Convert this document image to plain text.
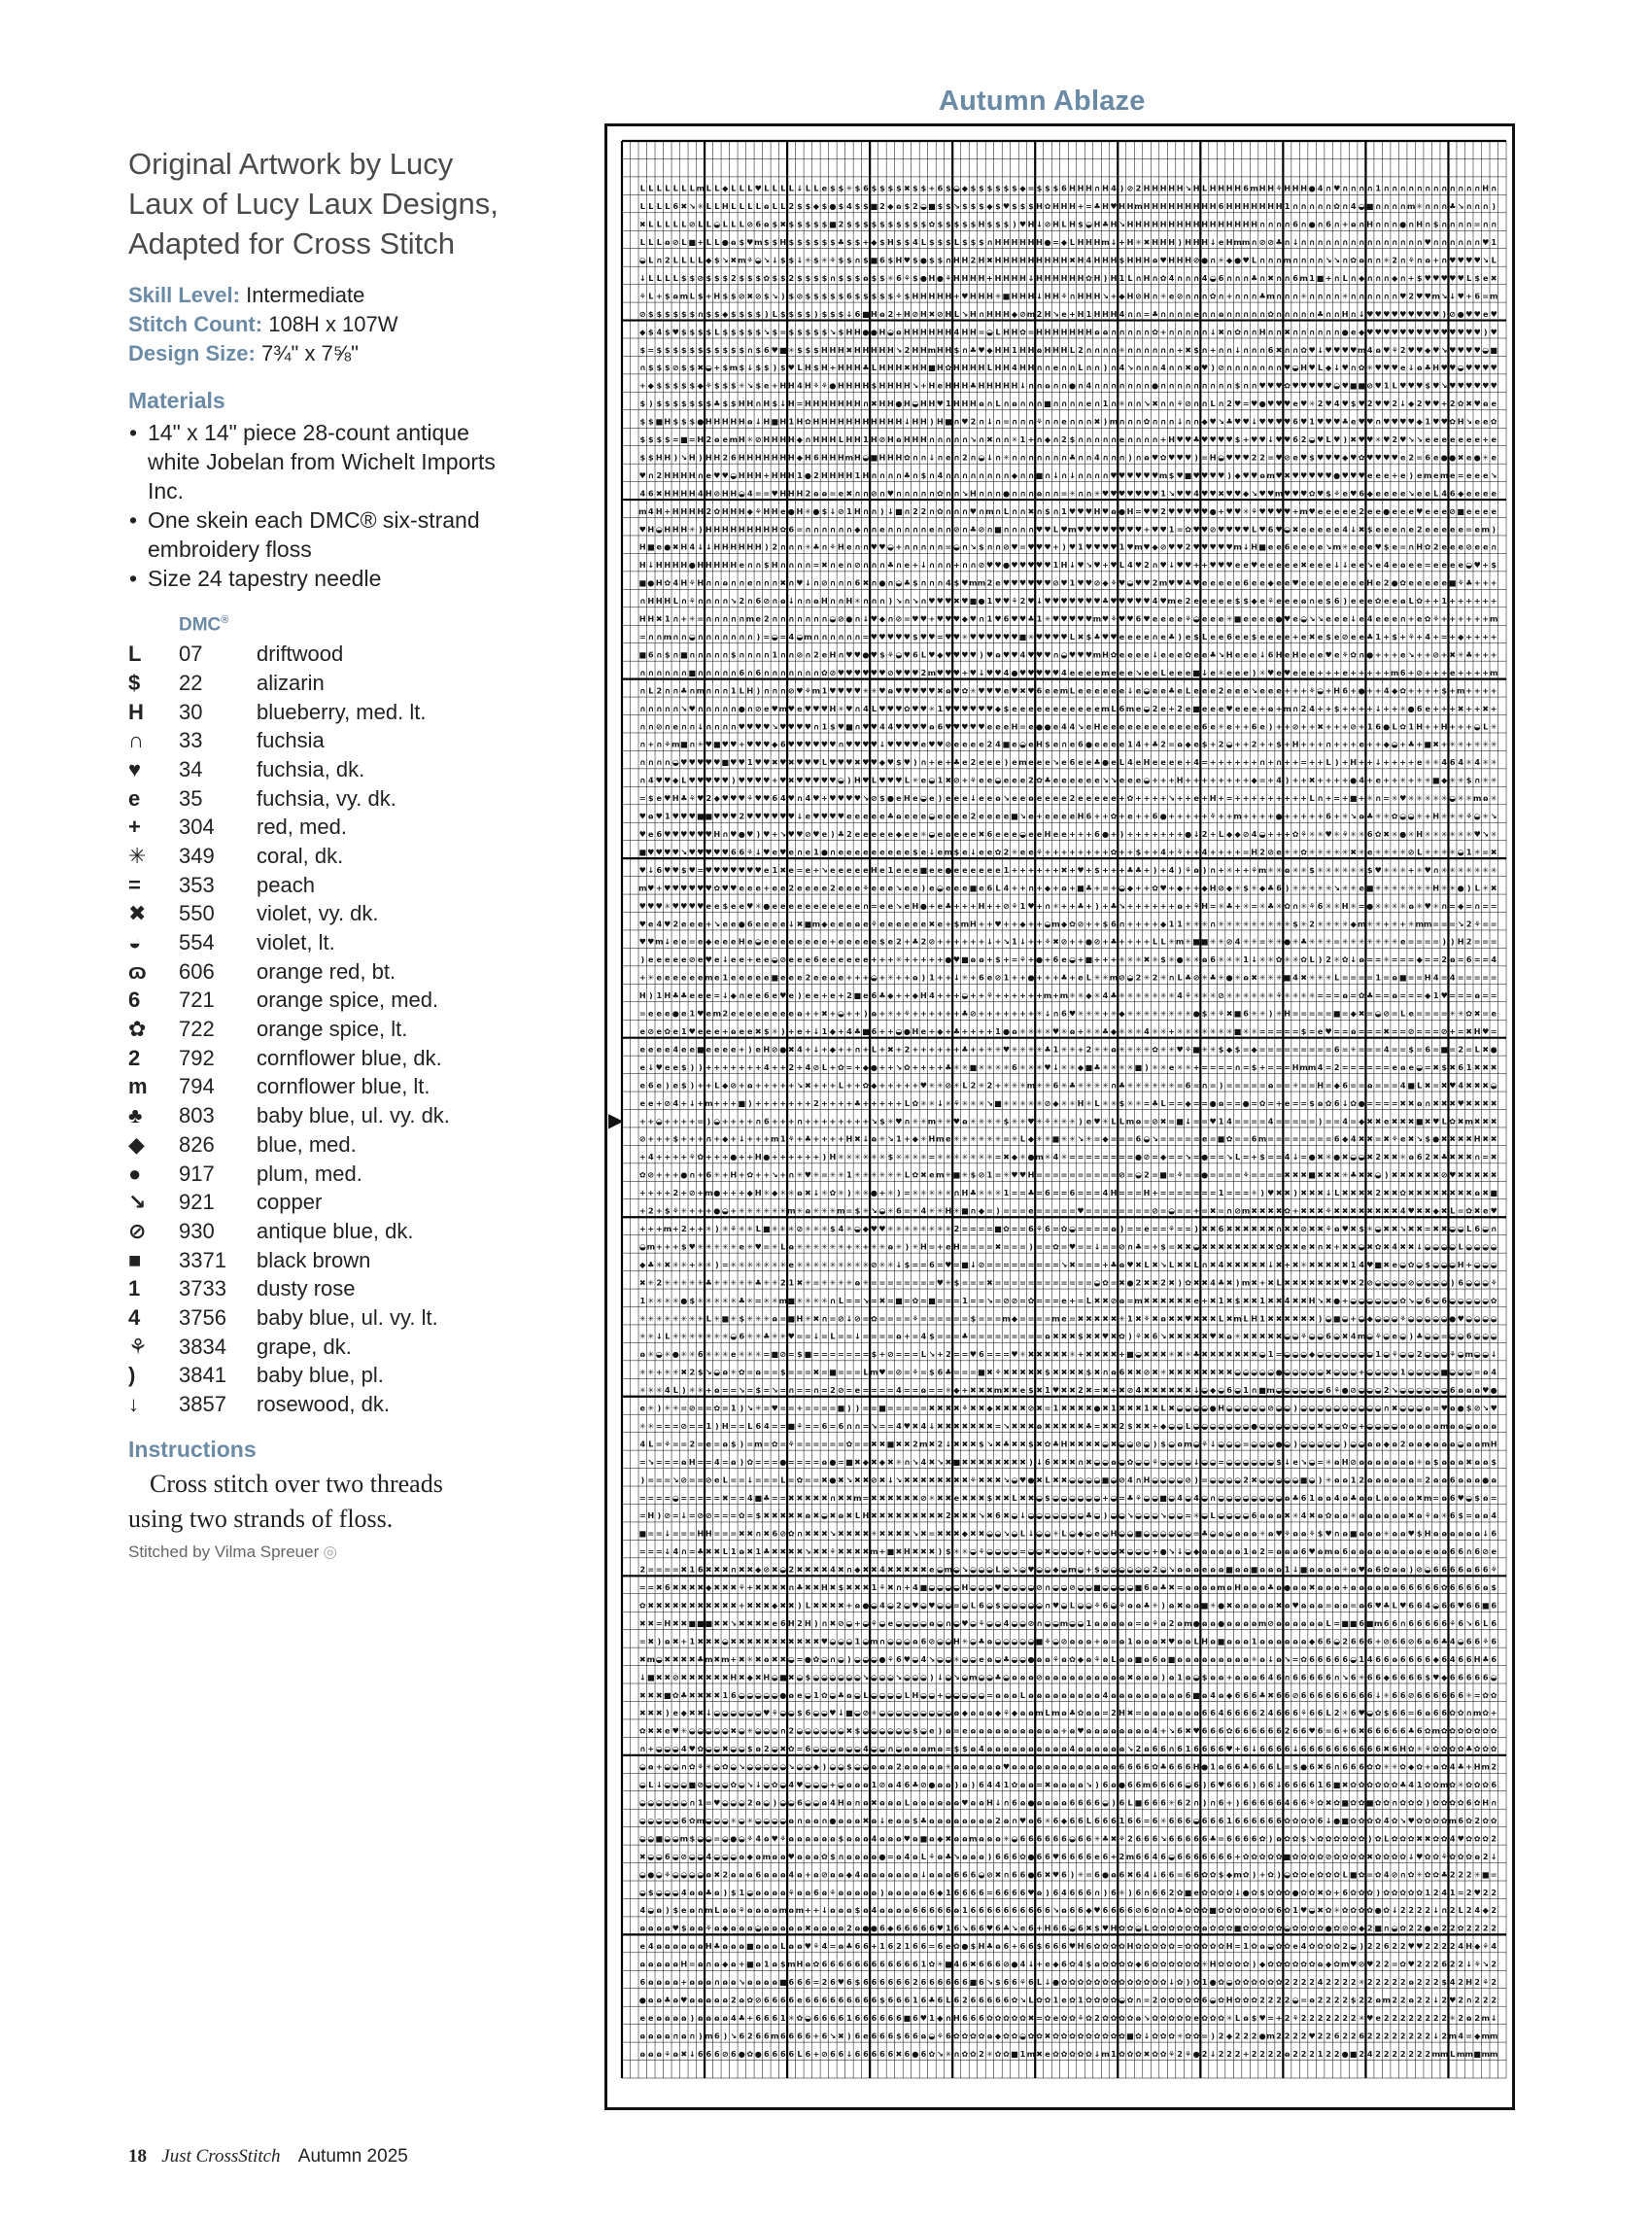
Autumn Ablaze
L L L L L L L m L L ◆ L L L ♥ L L L L ↓ L L e $ $ ✳ $ 6 $ $ $ $ ✖ $ $ + 6 $ ◒ ◆ $ $ $ $ $ $ ◆ = $ $ $ 6 H H H ∩ H 4 ) ⊘ 2 H H H H H ↘ H L H H H H 6 m H H ⚘ H H H ● 4 ∩ ♥ ∩ ∩ ∩ ∩ 1 ∩ ∩ ∩ ∩ ∩ ∩ ∩ ∩ ∩ ∩ ∩ ∩ H ∩
L L L L 6 ✖ ↘ ✳ L L H L L L L ɷ L L 2 $ $ ◆ $ ● $ 4 $ $ ■ 2 ◆ ɷ $ 2 ◒ ■ $ $ ↘ $ $ $ ◆ $ ♥ $ $ $ H ✿ H H H + = ♣ H ♥ H H m H H H H H H H H H 6 H H H H H H H 1 ∩ ∩ ∩ ∩ ∩ ✿ ∩ 4 ◒ ■ ∩ ∩ ∩ ∩ m ✳ ∩ ∩ ∩ ♣ ↘ ∩ ∩ ∩ )
✖ L L L L L ⊘ L L ◒ L L L ⊘ 6 ɷ $ ✖ $ $ $ $ $ ■ 2 $ $ $ $ $ $ $ $ $ $ ✿ $ $ $ $ $ H $ $ $ ) ♥ H ↓ ⊘ H L H $ ◒ H ♣ H ↘ H H H H H H H H H H H H H H H H ∩ ∩ ∩ ∩ 6 ∩ ● ∩ 6 ∩ + ɷ ∩ H ∩ ∩ ∩ ● ∩ H ∩ $ ∩ ∩ ∩ ∩ = ∩ ∩
L L L ɷ ⊘ L ■ + L L ● ɷ $ ♥ m $ $ H $ $ $ $ $ $ ♣ $ $ + ◆ $ H $ $ 4 L $ $ $ L $ $ $ ∩ H H H H H H ● = ◆ L H H H m ↓ + H ✳ ✖ H H H ) H H H ↓ e H m m ∩ ⊘ ⊘ ♣ ∩ ↓ ∩ ∩ ∩ ∩ ∩ ∩ ∩ ∩ ∩ ∩ ∩ ∩ ∩ ∩ ∩ ♥ ∩ ∩ ∩ ∩ ∩ ∩ ♥ 1
◒ L ∩ 2 L L L L ◆ $ ↘ ✖ m ⚘ ◒ ↘ ↓ $ $ ↓ ✳ $ ✳ ⚘ $ $ ∩ $ ■ 6 $ H ♥ $ ● $ $ ∩ H H 2 H ✖ H H H H H H H H H ✖ H 4 H H H $ H H H ɷ ♥ H H H ⊘ ● ∩ ✳ ◆ ● ♥ L ∩ ∩ ∩ m ∩ ∩ ∩ ∩ ↘ ↘ ∩ ✿ ɷ ∩ ∩ ✳ 2 ∩ ⚘ ∩ ɷ + ∩ ♥ ♥ ♥ ♥ ↘ L
↓ L L L L $ $ ⊘ $ $ $ 2 $ $ $ ✿ $ $ 2 $ $ $ $ ∩ $ $ $ ɷ $ $ ✳ 6 ⚘ $ ● H ● ⚘ H H H H + H H H H ↓ H H H H H H ✿ H ) H 1 L ∩ H ∩ ✿ 4 ∩ ∩ ∩ 4 ◒ 6 ∩ ∩ ∩ ♣ ∩ ✖ ∩ ∩ 6 m 1 ■ + ∩ L ∩ ◆ ∩ ∩ ∩ ◆ ∩ + $ ♥ ♥ ♥ ♥ ♥ L $ e ✖
⚘ L + $ ɷ m L $ + H $ $ ⊘ ✖ ⊘ $ ↘ ) $ ⊘ $ $ $ $ $ 6 $ $ $ $ $ ⚘ $ H H H H H + ♥ H H H ✳ ■ H H H ↓ H H ⚘ ∩ H H H ↘ + ◆ H ⊘ H ∩ ✳ e ⊘ ∩ ∩ ∩ ✿ ∩ + ∩ ∩ ∩ ♣ m ∩ ∩ ∩ ✳ ∩ ∩ ∩ ∩ ✳ ∩ ∩ ∩ ∩ ∩ ∩ ♥ 2 ♥ ♥ m ↘ ↓ ♥ + 6 = m
⊘ $ $ $ $ $ $ ∩ $ $ ◆ $ $ $ $ ) L $ $ $ $ ) $ $ $ ↓ 6 ■ H ɷ 2 + H ⊘ H ✖ ⊘ H L ↘ H ∩ H H H ◆ ⊘ m 2 H ↘ e + H 1 H H H 4 ∩ ∩ = ♣ ∩ ∩ ∩ ∩ e ∩ ∩ ɷ ∩ ∩ ∩ ∩ ∩ ✿ ∩ ∩ ∩ ∩ ∩ ♣ ∩ ∩ H ∩ ↓ ♥ ♥ ♥ ♥ ♥ ♥ ♥ ♥ ♥ ) ⊘ ● ♥ ♥ e ♥
◆ $ 4 $ ♥ $ $ $ $ L $ $ $ $ $ ↘ $ = $ $ $ $ $ ↘ $ H H ● ● H ◒ ɷ H H H H H H 4 H H = ◒ L H H ✿ = H H H H H H H ɷ ɷ ∩ ∩ ∩ ∩ ∩ ✿ + ∩ ∩ ∩ ∩ ∩ ↓ ✖ ∩ ✿ ∩ ∩ H ∩ ∩ ✖ ∩ ∩ ∩ ∩ ∩ ∩ ● e ◆ ♥ ♥ ♥ ♥ ♥ ♥ ♥ ♥ ♥ ♥ ♥ ♥ ♥ ♥ ) ♥
$ = $ $ $ $ $ $ $ $ $ $ $ ∩ $ 6 ♥ ■ ✳ $ $ $ H H H ✖ H H H H H ↘ 2 H H m H H $ ∩ ♣ ♥ ◆ H H 1 H H ɷ H H H L 2 ∩ ∩ ∩ ∩ ✳ ∩ ∩ ∩ ∩ ∩ ∩ + ✖ $ ∩ + ∩ ∩ ↓ ∩ ∩ ∩ 6 ✖ ∩ ∩ ✿ ♥ ↓ ♥ ♥ ♥ ♥ m 4 ɷ ♥ ⚘ 2 ♥ ♥ ◆ ♥ ↘ ♥ ♥ ♥ ♥ ◒ ■
∩ $ $ $ ⊘ $ $ ✖ ◒ + $ m $ ↓ $ $ ) $ ♥ L H $ H + H H H ♣ L H H H ✖ H H ■ H ✿ H H H H L H H 4 H H ∩ ∩ e ∩ ∩ L ∩ ∩ ) ∩ 4 ↘ ∩ ∩ ∩ 4 ∩ ∩ ✖ ɷ ♥ ) ⊘ ∩ ∩ ∩ ∩ ∩ ∩ ∩ ♥ ◒ H ♥ L ◆ ↓ ♥ ∩ ✿ ✳ ♥ ♥ ♥ e ↓ ɷ ♣ H ♥ ♥ ◒ ♥ ♥ ♥ ♥
+ ◆ $ $ $ $ $ ◆ ⚘ $ $ $ ✳ ↘ $ e + H H 4 H ⚘ ⚘ ● H H H H $ H H H H ↘ + H e H H H ♣ H H H H H ↓ ∩ ∩ ɷ ∩ ∩ ● ∩ 4 ∩ ∩ ∩ ∩ ∩ ∩ ∩ ● ∩ ∩ ∩ ∩ ∩ ∩ ∩ ∩ ∩ $ ∩ ∩ ♥ ♥ ♥ ✿ ♥ ♥ ♥ ♥ ♥ ◒ ♥ ■ ■ ⊘ ♥ 1 L ♥ ♥ ♥ $ ♥ ↘ ♥ ♥ ♥ ♥ ♥ ♥
$ ) $ $ $ $ $ $ $ ♣ $ $ H H ∩ H $ ↓ H = H H H H H H H ∩ ✖ H H ● H ◒ H H ♥ 1 H H H ɷ ∩ L ∩ ɷ ∩ ∩ ∩ ■ ∩ ∩ ∩ ∩ e ∩ 1 ∩ ✳ ∩ ∩ ↘ ✖ ∩ ∩ ⚘ ⊘ ∩ ∩ L ∩ 2 ♥ = ♥ ● ♥ ♥ ♥ e ♥ ✳ 2 ♥ 4 ♥ $ ♥ 2 ♥ ♥ 2 ↓ ◆ 2 ♥ ♥ + 2 ✿ ✖ ♥ ɷ e
$ $ ■ H $ $ $ ● H H H H H ɷ ↓ H ■ H 1 H ✿ H H H H H H H H H H H ↓ H H ) H ■ ∩ ♥ 2 ∩ ↓ ∩ = ∩ ∩ ∩ ⚘ ∩ ∩ e ∩ ∩ ∩ ✖ ) m ∩ ∩ ∩ ✿ ∩ ∩ ∩ ↓ ∩ ∩ ◆ ♥ ↘ ♣ ♥ ♥ ↓ ♥ ♥ ♥ ♥ 6 ♥ 1 ♥ ♥ ♥ ♣ e ♥ ♥ ∩ ♥ ♥ ♥ ♥ ◆ 1 ♥ ♥ ✿ H ↘ e e ✿
$ $ $ $ = ■ = H 2 ɷ e m H ✳ ⊘ H H H H ◆ ∩ H H H L H H 1 H ⊘ H ɷ H H H ∩ ∩ ∩ ∩ ∩ ↘ ∩ ✖ ∩ ∩ ✳ 1 + ∩ ◆ ∩ 2 $ ∩ ∩ ∩ ∩ ∩ e ∩ ∩ ∩ ∩ + H ♥ ♥ ♣ ♥ ♥ ♥ ♥ $ + ♥ ♥ ↓ ♥ ♥ 6 2 ◒ ♥ L ♥ ) ✖ ♥ ♥ ✳ ♥ 2 ♥ ↘ ↘ e e e e e e e + e
$ $ H H ) ↘ H ) H H 2 6 H H H H H H H ◆ H 6 H H H m H ◒ ■ H H H ✿ ∩ ∩ ↓ ∩ e ∩ 2 ∩ ◒ ↓ ∩ ✳ ∩ ∩ ∩ ∩ ∩ ∩ ∩ ♣ ∩ ∩ 4 ∩ ∩ ∩ ) ∩ ɷ ♥ ✿ ♥ ♥ ♥ ) = H ◒ ♥ ♥ ♥ 2 2 = ♥ ⊘ e ♥ $ ♥ ♥ ♥ ◆ ♥ ✿ ♥ ♥ ♥ ♥ e 2 = 6 e ● ● ✖ e ● ✳ e
♥ ∩ 2 H H H H ∩ e ♥ ♥ ◒ H H H + H H H 1 ● 2 H H H H 1 H ∩ ∩ ∩ ∩ ♣ ∩ $ ∩ 4 ∩ ∩ ∩ ∩ ∩ ∩ ∩ ∩ ◆ ∩ ∩ ■ ∩ ↓ ∩ ↓ ∩ ∩ ∩ ∩ ♥ ♥ ♥ ♥ ♥ ♥ m $ ♥ ■ ♥ ♥ ♥ ♥ ) ◆ ♥ ♥ ɷ m ♥ ✖ ♥ ♥ ♥ ♥ ♥ ● ♥ ♥ ♥ e e e + e ) e m e m e = e e e ↘
4 6 ✖ H H H H 4 H ⊘ H H ◒ 4 = = ♥ H H H 2 ɷ ɷ = e ✖ ∩ ∩ ⊘ ∩ ♥ ∩ ∩ ∩ ∩ ∩ ✿ ∩ ∩ ↘ H ∩ ∩ ∩ ● ∩ ∩ ∩ ɷ ∩ ∩ = ✳ ∩ ∩ ✳ ♥ ♥ ♥ ♥ ♥ ♥ ♥ 1 ↘ ♥ ♥ 4 ♥ ♥ ✖ ♥ ♥ ◆ ↘ ♥ ♥ m ♥ ♥ ♥ ✿ ♥ $ ⚘ e ♥ 6 ◆ e e e e ↘ e e L 4 6 ◆ e e e e
m 4 H + H H H H 2 ✿ H H H ◆ ⚘ H H e ● H ✳ ● $ ↓ ⊘ 1 H ∩ ∩ ) ↓ ■ ∩ 2 2 ∩ ✿ ∩ ∩ ∩ ♥ ∩ m ∩ L ∩ ∩ ✖ ∩ $ ∩ 1 ♥ ♥ ♥ H ♥ ɷ ● H = ♥ ♥ 2 ♥ ♥ ♥ ♥ ♥ ● + ♥ ♥ ✳ ⚘ ♥ ♥ ♥ ♥ + m ♥ e e e e e 2 e e ● e e e ♥ e e e ⊘ ■ e e e e
♥ H ◒ H H H ✳ ) H H H H H H H H H ✿ 6 = ∩ ∩ ∩ ∩ ∩ ∩ ◆ ∩ ∩ e ∩ ∩ ∩ ∩ ∩ e ∩ ∩ ⊘ ∩ ♣ ⊘ ∩ ■ ∩ ∩ ∩ ∩ ♥ ♥ L ♥ m ♥ ♥ ♥ ♥ ♥ ♥ ♥ ♥ + ♥ ♥ 1 = ✿ ♥ ♥ ⊘ ♥ ♥ ♥ ♥ L ♥ 6 ♥ ◒ ✖ e e e e e 4 ↓ ✖ $ e e e ∩ e 2 e e e e e = e m )
H ■ e ● ✖ H 4 ↓ ↓ H H H H H H ) 2 ∩ ∩ ∩ ✳ ♣ ∩ ⚘ H e ∩ ∩ ♥ ♥ ◒ + ∩ ∩ ∩ ∩ ∩ = ◒ ∩ ↘ $ ∩ ∩ ⊘ ♥ = ♥ ♥ ♥ + ) ♥ 1 ♥ ♥ ♥ ♥ 1 ♥ m ♥ ◆ ⊘ ♥ ♥ 2 ♥ ♥ ♥ ♥ ♥ m ↓ H ■ e e 6 e e e e ↘ m ✳ e e e ♥ $ e = ∩ H ✿ 2 e e e ⊘ e e ∩
H ↓ H H H H ● H H H H H e ∩ ∩ $ H ∩ ∩ ∩ ∩ = ✖ ∩ e ∩ ⊘ ∩ ∩ ∩ ♣ ∩ e + ↓ ∩ ∩ ∩ + ∩ ∩ ⊘ ♥ ♥ ● ♥ ♥ ♥ ♥ ♥ 1 H ↓ ♥ ↘ ♥ + ♥ L 4 ♥ 2 ∩ ♥ ↓ ♥ ♥ + + ♥ ♥ ♥ e e ♥ e e e e e ✖ e e e ↓ ↓ e e ↘ e 4 e ɷ e e = e e e e ◒ ♥ + $
■ ● H ✿ 4 H ⚘ H ∩ ∩ ɷ ∩ ∩ e ∩ ∩ ∩ ✖ ∩ ♥ ↓ ∩ ⊘ ∩ ∩ ∩ 6 ✖ ∩ ● ∩ ◒ ♣ $ ∩ ∩ ∩ 4 $ ♥ m m 2 e ♥ ♥ ♥ ♥ ♥ ♥ ⊘ ♥ 1 ♥ ♥ ⊘ ◆ ⚘ ♥ ◒ ♥ ♥ 2 m ♥ ♥ ♣ ♥ e e e e e 6 e e ◆ e e ♥ e e e e e e e e H e 2 ● ✿ e e e e e ■ ⚘ ♣ + + +
∩ H H H L ∩ ⚘ ∩ ∩ ∩ ∩ ↘ 2 ∩ 6 ⊘ ∩ ɷ ↓ ∩ ∩ ɷ H ∩ ∩ H ✳ ∩ ∩ ∩ ) ↘ ∩ ↘ ∩ ♥ ♥ ♥ ✖ ♥ ■ ● 1 ♥ ♥ ⚘ 2 ♥ ↓ ♥ ♥ ♥ ♥ ♥ ♥ ♥ ♣ ♥ ♥ ♥ ♥ ♥ 4 ♥ m e 2 e e e e e $ $ ◆ e ⚘ e e e ɷ ∩ e $ 6 ) e e e ✿ e e ɷ L ✿ + + 1 + + + + + +
H H ✖ 1 ∩ + ✳ = ∩ ∩ ∩ ∩ ∩ m e 2 ∩ ∩ ∩ ∩ ∩ ∩ ∩ ◒ ⊘ ● ∩ ↓ ♥ ◆ ∩ ⊘ = ♥ ♥ + ♥ ♥ ♥ ◆ ♥ ∩ 1 ♥ 6 ♥ ♥ ♣ 1 ✳ ♥ ♥ ♥ ♥ ♥ m ♥ ⚘ ♥ ♥ 6 ♥ e e e e ⚘ ◒ e e e ✳ ■ e e e e ● ♥ e ◒ ↘ ↘ e e e ↓ e 4 e e e ∩ + e ✿ ⚘ + + + + + + m
= ∩ ∩ m ∩ ∩ ◒ ∩ ∩ ∩ ∩ ∩ ∩ ∩ ) = ◒ = 4 ◒ m ∩ ∩ ∩ ∩ ∩ ∩ = ♥ ♥ ♥ ♥ ♥ $ ♥ ♥ = ♥ ♥ ✳ ♥ ♥ ♥ ♥ ♥ ♥ ■ ✳ ♥ ♥ ♥ ♥ L ✖ $ ♣ ♥ ♥ e e e e ∩ e ♣ ) e $ L e e 6 e e $ e e e e + e ✖ e $ e ⊘ e e ♣ 1 + $ + ⚘ + 4 + = + ◆ + + + +
■ 6 ∩ $ ∩ ■ ∩ ∩ ∩ ∩ ∩ $ ∩ ∩ ∩ ∩ 1 ∩ ∩ ⊘ ∩ 2 e H ∩ ♥ ♥ ● ♥ $ ⚘ ◒ ♥ 6 L ♥ ◆ ♥ ♥ ♥ ♥ ) ♥ ɷ ♥ ♥ 4 ♥ ♥ ♥ ∩ ◒ ♥ ♥ ♥ m H ✿ e e e e ↓ e e e ✿ e e ♣ ↘ H e e e ↓ 6 H e H e e e ♥ e ⚘ ✿ ∩ ● + + + e ↘ + + ⊘ + ✖ ✳ ♣ + + +
∩ ∩ ∩ ∩ ∩ ∩ ■ ∩ ∩ ∩ ∩ ∩ 6 ∩ 6 ∩ ∩ ∩ ∩ ∩ ∩ ∩ ✿ ⊘ ♥ ♥ ♥ ♥ ♥ ♥ ⊘ ♥ ♥ ♥ 2 m ♥ ♥ ♥ + ♥ ↓ ♥ ♥ 4 ● ♥ ♥ ♥ ♥ ♥ 4 e e e e m e e e ↘ e e L e e e ■ ↓ e ✳ e e e ) ✳ ♥ e ♥ e e e + + + e + + + + + m 6 + ⊘ + + + e + + + + m
∩ L 2 ∩ ∩ ♣ ∩ m ∩ ∩ ∩ 1 L H ) ∩ ∩ ∩ ⊘ ♥ ⚘ m 1 ♥ ♥ ♥ ♥ ✳ ✳ ♥ ɷ ♥ ♥ ♥ ♥ ♥ ✖ ɷ ♥ ✿ ✳ ♥ ♥ ♥ e ♥ ✖ ♥ 6 e e m L e e e e e e ↓ e ◒ e e ♣ e L e e e 2 e e e ↘ e e e + + + ⚘ ◒ + H 6 + ● + + 4 ◆ ✿ + + + + $ + m + + + +
∩ ∩ ∩ ∩ ∩ ↘ ♥ ∩ ∩ ∩ ∩ ∩ ● ∩ ⊘ e ♥ m ♥ e ♥ ♥ ♥ H ✳ ♥ ∩ 4 L ♥ ♥ ♥ ✿ ♥ ♥ ✳ 1 ♥ ♥ ♥ ♥ ♥ ♥ ◆ $ e e e e e e e e e e e m L 6 m e ◒ 2 e + 2 e ■ e e e ♥ e e e + ɷ + m ∩ 2 4 + + $ + + + + ↓ + + ✳ ● 6 e + + + ✖ + + ✖ +
∩ ∩ ⊘ ∩ e ∩ ∩ ↓ ∩ ∩ ∩ ∩ ♥ ♥ ♥ ♥ ↘ ♥ ♥ ♥ ♥ ∩ 1 $ ♥ ■ ∩ ♥ ♥ 4 4 ♥ ♥ ♥ ♥ ɷ 6 ♥ ♥ ♥ ♥ ♥ e e e H = e ● ● e 4 4 ↘ e H e e e e e e e e e e e e 6 e ✳ e + + 6 e ) + + ⊘ + + ✖ + + + ⊘ + 1 6 ● L ✿ 1 H + + H + + + ◒ L ✳
∩ + ∩ ⚘ m ■ ∩ ✳ ♥ ■ ♥ ♥ + ♥ ♥ ♥ ◆ 6 ♥ ♥ ♥ ♥ ♥ ♥ ∩ ♥ ♥ ♥ ♥ ↓ ♥ ♥ ♥ ♥ e ♥ ♥ ⊘ e e e e 2 4 ■ e ◒ e H $ e ∩ e 6 ● e e e e 1 4 + ♣ 2 = ɷ ◆ e $ + 2 ◒ + + 2 + + $ + H + + + ∩ + + + e + + ◆ ◒ + ♣ + ■ ✖ + ✳ ✳ + ✳ ✳ ✳
∩ ∩ ∩ ∩ ◒ ♥ ♥ ♥ ♥ ♥ ■ ♥ ♥ 1 ♥ ♥ ✖ ♥ ✖ ♥ ♥ ♥ L ♥ ♥ ♥ ✖ ♥ ♥ ◆ ♥ $ ♥ ) ∩ + e + ♣ e 2 e e e ) e m e e e ↘ e 6 e e ♣ ● e L 4 e H e e e e + 4 = + + + + + + ∩ + ∩ + + = + + L ) + H + + ↓ + + + + e ✳ ✳ 4 6 4 ✳ 4 ✳ ✳
∩ 4 ♥ ♥ ◆ L ♥ ♥ ♥ ♥ ♥ ) ♥ ♥ ♥ ♥ + ♥ ✖ ♥ ♥ ♥ ♥ ♥ ◒ ) H ♥ L ♥ ♥ ♥ L ✳ e ◒ 1 ✖ ⊘ + ⚘ e e ◒ e e e 2 ✿ ♣ e e e e e e ↘ ↘ e e e ◒ + + + H + + + + + + + + ◆ = + 4 ) + + ✖ + + + + ● 4 + e + + ✳ + ✳ ✳ ■ ◆ ✳ ✳ $ ∩ ✳ ✳
= $ e ♥ H ♣ ⚘ ♥ 2 ◆ ♥ ♥ ♥ ⚘ ♥ ♥ 6 4 ♥ ∩ 4 ♥ + ♥ ♥ ♥ ♥ ↘ ⊘ $ ● e H e ◒ e ) e e e ↓ e e ɷ ↘ e e ɷ e e e e 2 e e e e e + ✿ + + + + ↘ + + e + H + = + + + + + + + + + L ∩ + = + ■ + ✳ ∩ = ✳ ♥ ✳ ✳ ✳ ✳ ✳ ◒ ✳ ✳ m ɷ ✳
♥ ɷ ♥ 1 ♥ ♥ ♥ ■ ■ ♥ ♥ ♥ 2 ♥ ♥ ♥ ♥ ♥ ♥ ↓ e ♥ ♥ ♥ ♥ e e e e e ♣ ɷ e e e ◒ e e e e 2 e e e e ■ ↘ e + e e e e H 6 + + ✿ + e + + 6 ● + + + + + ⚘ + + m + + + + ● + + + + + 6 + ✳ ↘ ɷ ♣ ✳ ✳ ✿ ◒ ◒ ✳ + H ✳ ✳ ✳ ⚘ ◒ ✳ ↘
♥ e 6 ♥ ♥ ♥ ♥ ♥ ♥ H ∩ ♥ ● ♥ ) ♥ + ↘ ♥ ♥ ⊘ ♥ e ) ♣ 2 e e e e e ◆ e e ✳ ◒ e ɷ e e e ✖ 6 e e e ◒ e e H e e + + + 6 ● + ) + + + + + + + ● ↓ 2 + L ◆ ◆ ⊘ 4 ◒ + + + ✿ ⚘ ✳ ✳ ♥ ✳ ⚘ ✳ ✳ 6 ✿ ✖ ✳ ● ✳ H ✳ ✳ ✳ ✳ ✳ ✳ ♥ ↘ ✳
■ ♥ ♥ ♥ ♥ ↘ ♥ ♥ ♥ ♥ ♥ 6 6 ⚘ ↓ ♥ e ♥ e ∩ e 1 ● ∩ e e e e e e e e e $ e ↓ e m $ e ↓ e e ✿ 2 ✳ e e ⚘ + + + + + + + + ✿ + + $ + + 4 + ⚘ + + 4 + + + + = H 2 ⊘ e ✳ ✳ ✿ ✳ ✳ ✳ ✳ ✳ ✖ ✳ e ✳ ✳ ✳ ✳ ⊘ L ✳ ✳ ✳ ✳ ◒ 1 ✳ = ✖
♥ ↓ 6 ♥ ♥ $ ♥ = ♥ ♥ ♥ ♥ ♥ ♥ ♥ e 1 ✖ e = e + ↘ e e e e e H e 1 e e e ■ e e ● e e e e e e 1 + + + + + + ✖ + ♥ + $ + + + ♣ ♣ + ) + 4 ) ⚘ ɷ ) ∩ + ✳ + + ⚘ m ✳ ✳ ɷ ✳ ✳ $ ✳ ✳ ✳ ✳ ✳ ✳ $ ♥ ✳ ✳ ✳ + ✳ ♥ ∩ ✳ ✳ ✳ ✳ ✳ ✳ ✳
m ♥ + ♥ ♥ ♥ ♥ ♥ ♥ ✿ ♥ ♥ e e e + e e 2 e e e e 2 e e e ⚘ e e e ↘ e e ) e ◒ e e e ■ e 6 L 4 + + ∩ + ◆ + ɷ + ■ ♣ + = + ◒ ◆ + + ✿ ♥ + ◆ + + ◆ H ⊘ ◆ ✳ $ ✳ ◆ ♣ 6 ) ✳ ✳ ✳ ✳ ✳ ↘ ✳ ✳ e ■ ✳ ✳ ✳ ✳ ✳ ✳ ✳ H ✳ ✳ ● ) L ✳ ✖
♥ ♥ ♥ ✳ ♥ ♥ ♥ ♥ e e $ e e ♥ ✳ ● e e e e e e e e e e e ∩ = e e ↘ e H ● + e ♣ + + + H + + ⊘ ⚘ 1 ♥ + ∩ ✳ + + ♣ + ) + ♣ ↘ + + + + + + ɷ + ⚘ H = ✳ ♣ + ✳ = ✳ ♣ ✳ ✿ ∩ ✳ ⚘ 6 ✳ ✳ H ✳ = ● ✳ ✳ ✳ ✳ ɷ ✳ ♥ ✳ ∩ = ◆ = ∩ = =
♥ e 4 ♥ 2 e e e + ↘ e e ● 6 e e e e ↓ ✖ ■ m ◆ e e e ɷ e ⚘ e e e e e e ✖ e + $ m H + + ♥ + + ◆ + + ◒ m ◆ ✿ ⊘ + + $ 6 ∩ + + + + ◆ 1 1 ✳ ✳ ✳ ∩ ✳ ✳ ✳ ✳ ✳ ✳ ✳ ✳ ✳ $ ✳ 2 ✳ ✳ ✳ ✳ ◆ m ✳ ✳ + ✳ + ✳ m m = = = ↘ 2 ⚘ = =
♥ ♥ m ↓ e e = e ◆ e e e H e ◒ e e e e e e e e + e e e e e $ e 2 + ♣ 2 ⊘ + + + + + + ↓ + ↘ 1 ↓ + + ⚘ ✖ ⊘ + + ● ⊘ + ♣ + + + + L L ✳ m ✳ ■ ■ ✳ ✳ ⊘ 4 ✳ ✳ = ✳ ✳ ● ✳ ♣ ✳ ✳ ✳ = ✳ ✳ ✳ ✳ ✳ ✳ ✳ e = = = = ) ) H 2 = = =
) e e e e e ⊘ e ♥ e ↓ e e + e e ◒ ⊘ e e e 6 e e e e e e + + + ✳ + + + + + ● ♥ ■ ɷ ɷ + $ + = ⚘ + ● + 6 e ◒ + ■ + + + ✳ ✳ ✳ ✖ ✳ $ ✳ ● ✳ ✳ ɷ 6 ✳ ✳ ✳ 1 ↓ ✳ ✳ ✿ ✳ ✳ ✿ L ) 2 ✳ ✿ ↓ ɷ = = ✳ = = = ◆ = = 2 ɷ = 6 = = 4
+ ✳ e e e e e e m e 1 e e e e e ■ e e e 2 e e ɷ e + + + ◒ + ✳ + + ɷ ) 1 + + ↓ ✳ + 6 e ⊘ 1 + + ● + + + ♣ + e L ✳ ✳ m ⊘ ◒ 2 ✳ 2 ✳ ∩ L ♣ ⊘ ✳ ♣ ✳ ● ✳ ɷ ✖ ✳ ✳ ✳ ■ 4 ✖ ✳ ✳ ✳ L = = = = 1 = ɷ ■ = = H 4 = 4 = = = = =
H ) 1 H ♣ ♣ e e e = ↓ ◆ ∩ e e 6 e ♥ e ) e e + e + 2 ■ e 6 ♣ ◆ + + ◆ H 4 + + + ◒ + + ⚘ + + + + + + m + m ✳ ✳ ◆ ✳ 4 ♣ ✳ ✳ ✳ ✳ ✳ ✳ ✳ 4 ⚘ ✳ ✳ ✳ ⊘ ✳ ✳ ✳ ✳ ✳ ✳ ⚘ ✳ ✳ ✳ ✳ = = = ɷ = ✿ ♣ = = ɷ = = = ◆ 1 ♥ = = = ɷ = =
= e e e ● e 1 ♥ e m 2 e e e e e e e e ɷ + + ✖ + ◒ + + ) ɷ + ✳ + ⚘ + + + + + + ♣ ⊘ + + + + + + + ✳ ↓ ∩ 6 ♥ ✳ ✳ ✳ + ✳ ◆ ✳ ✳ ✳ ✳ ✳ ✳ ✳ ✳ ● $ ✳ ⚘ ✖ ■ 6 ✳ ✳ ) ✳ H = = = = = ■ = ◆ ✖ = ◒ ⊘ = L e = = = = ✳ ✳ ✿ ✖ = e
e ⊘ e ✿ e 1 ♥ e e e + ɷ e e ✖ $ ✳ ) + e + ↓ 1 ◆ + 4 ♣ ■ 6 + + ◒ ● H e + ◆ + ♣ + + + + 1 ● ɷ ✳ ✳ ✳ ✳ ♥ ✳ ɷ + ✳ ✳ ♣ ◆ ✳ ✳ ✳ 4 ✳ ✳ + ✳ ✳ ✳ ✳ ✳ ✳ ✳ ■ ✳ ✳ = = = = = $ = e ♥ = = ɷ = = = ✖ = = ⊘ = = = ⊘ + = ✖ H ♥ =
e e e e 4 e e ■ e e e e + ) e H ⊘ ● ✖ 4 + ↓ + ◆ + + ∩ + L + ✖ + 2 + + + + + + ♣ + + ✳ ✳ ♥ ✳ ✳ ✳ ✳ ♣ 1 ✳ ✳ + 2 ✳ ✳ ɷ ✳ ✳ ✳ ✳ ✿ ✳ ✳ ♥ ⚘ ■ ✳ ✳ $ ◆ $ = ◆ = = = = = = = = = 6 = ✳ = = = 4 = = $ = 6 = ■ = 2 = L ✖ ●
e ↓ ♥ e e $ ) ) + + + + + + + 4 + + 2 + 4 ⊘ L + ✿ = + ◆ ● + + ↘ ✿ + + + + ♣ ✳ ✳ ■ ✳ ✳ ✳ ✳ 6 ✳ ✳ ✳ ♥ ↓ ✳ ✳ ◆ ■ ♣ ✳ ✳ ✳ ✳ ■ ) ✳ ✳ e ✳ ✳ + = = = = ∩ = $ + = = = H m m 4 = 2 = = = = = = e ɷ e ◒ = ✖ $ ✖ 6 1 ✖ ✖ ✖
e 6 e ) e $ ) + + L ◆ ⊘ + ɷ + + + + + ↘ ✖ + + + L + + ✿ ◆ + + + + + ♥ ✳ ✳ ⊘ ✳ L 2 ✳ 2 + ✳ ✳ ✳ m ✳ ✳ 6 ✳ ♣ ✳ ✳ ✳ ✳ ∩ ♣ ✳ ✳ ✳ ✳ ✳ ✳ = 6 = ∩ = ) = = = = = ɷ = = ✳ = = H = ◆ 6 = = ɷ = = = 4 ■ L ✖ = ✖ ♥ 4 ✖ ✖ ✖ ◒
e e + ⊘ 4 + ↓ + m + + + ■ ) + + + + + + + 2 + + + + ♣ + + + + + L ✿ ✳ ✳ ↓ ✳ ⚘ ✳ ✳ ✳ ↘ ■ ✳ ✳ ✳ ✳ ✳ ⊘ ◆ ✳ ✳ H ✳ L ✳ ✳ $ ✳ ✳ = ♣ L = = ◆ = = ● ɷ = = ● = ✿ = + e = = $ ɷ ✿ 6 ↓ ✿ ● = = = = ✖ ✖ ɷ ∩ ✖ ✖ ✖ ♥ ✖ ✖ ✖ ✖
+ + ◒ + + + + = ) ◒ + + + + ∩ 6 + + + ∩ + + + + + + + + ↘ $ ✳ ♥ ∩ ✳ ✳ m ✳ ✳ ♥ ɷ ✳ ✳ ✳ ✳ $ ✳ ✳ ♥ ✳ ⚘ ✳ ✳ ✳ ) e ♥ ✳ L L m ɷ = ⊘ ✖ = ■ ↓ = = ♥ 1 4 = = = = 4 = = = = = ) = = 4 = ◆ ✖ ✖ e ✖ ✖ ✖ ■ ✖ ♥ L ✿ ✖ m ✖ ✖ ✖
⊘ + + + $ + + + ∩ + ◆ + ↓ + + + m 1 ⚘ + ♣ + + + + H ✖ ↓ ɷ ✳ ↘ 1 + ◆ ✳ H m e ✳ ✳ ✳ ✳ ✳ ✳ = ✳ L ◆ ✳ ✳ ■ ✳ ✳ ↘ ✳ = ◆ = = = 6 ◒ ↘ = = = = = e = ■ ✿ = = 6 m = = = = = = = = 6 ◆ 4 ✖ ✖ = ✖ ⚘ e ✖ ↘ $ ● ✖ ✖ ✖ ✖ H ✖ ✖
+ 4 + + + + ⚘ ✿ + + + ● + + H ● + + + + + + ) H ✳ ✳ ✳ ✳ ✳ ✳ $ ✳ ✳ ✳ ✳ = ✳ ✳ ✳ ✳ ✳ ✳ ✳ = ✖ ◆ ✳ ● m ✳ 4 ✳ = = = = = = = = ● ⊘ = ◆ = = ↘ = ● = = ↘ L = + $ = = 4 ↓ = ● ✖ ✳ ● ✖ ◒ ◒ ✖ 2 ✖ ✖ ✳ ɷ 6 2 ✖ ♣ ✖ ✖ ✖ ∩ = ✖
✿ ⊘ + + + ● ∩ + 6 ✳ + H + ✿ + + ↘ + ∩ ✳ ♥ ✳ = ✳ ✳ 1 ✳ ✳ ✳ ✳ ✳ ✳ L ✿ ✖ e m ✳ ■ ✳ $ ⊘ 1 = ✳ ♥ ♥ H = = = = = = = = = = ⊘ = ◒ 2 = ■ = ⚘ = = ● = = = = ⚘ = = = = ✖ ✖ ✖ ■ ✖ ✖ ✖ ✳ ♣ ✖ ✖ ◒ ) ✖ ✖ ✖ ✖ ✖ ✖ ⊘ ♥ ✖ ✖ ✖ ✖ ✖
+ + + + 2 + ⊘ + m ● + + + ◆ H ✳ ◆ ✳ ✳ ɷ ✖ ↓ ✳ ✿ ✳ ) ✳ ✳ ● + ✳ ) = ✳ ✳ ✳ ✳ ✳ ∩ H ♣ ✳ ✳ ✳ 1 = = ♣ = 6 = = 6 = = = 4 H = = = H + = = = = = = = 1 = = = ✳ ) ♥ ✖ ✖ ) ✖ ✖ ✖ ↓ L ✖ ✖ ✖ ✖ 2 ✖ ✖ ✿ ✖ ✖ ✖ ✖ ✖ ✖ ✖ ✖ ɷ ✖ ■
+ 2 + $ ⚘ ✳ + + + ● ◒ + ✳ ✳ ✳ ✳ ✳ ✳ m ✳ ɷ ✳ ✳ ✳ m = $ ✳ ↘ ◒ ✳ 6 = ✳ 4 ✳ ✳ H ✳ ■ ∩ ◆ = ) = = = e = = = = = ♥ = = = = = = = = ⊘ = ◒ = = + = ✖ = ∩ ⊘ m ✖ ✖ ✖ ✖ ✿ + ✖ ✖ ✖ ⚘ ✖ ✖ ✖ ✖ ✖ ✖ ✖ ✖ 4 ♥ ✖ ✖ ◆ ✖ L = ✿ ✖ e ♥
+ + + m + 2 + + ✳ ) ✳ ⚘ ✳ ✳ L ■ ✳ ✳ ✳ ⊘ ✳ ✳ ✳ $ 4 ✳ ◒ ◆ ♥ ♥ ✳ ✳ ✳ ✳ ✳ ✳ ✳ ✳ 2 = = = = ■ ✿ = = 6 ⚘ 6 = ✿ ◒ = = = = ɷ ) = = e = = ⚘ = = ) ✖ ✖ 6 ✖ ✖ ✖ ✖ ✖ ✖ ∩ ✖ ✖ ⊘ ✖ ✖ ⚘ ɷ ♥ ✖ $ ✳ ◒ ✖ ✖ ↘ ✖ ✖ = ✖ ✖ ◒ ◒ L 6 ◒ ∩
◒ m + + + $ ♥ ✳ ✳ ✳ ✳ ✳ e ✳ ♥ = ✳ L ɷ ✳ ✳ ✳ ✳ ✳ ✳ + ✳ + ✳ ✳ ɷ ✳ ) ✳ H = + e H = = = = ✖ = = = ) = = ✿ = ♥ = = ↓ = = ⊘ ∩ ♣ = + $ = ✖ ✖ ◒ ✖ ✖ ✖ ✖ ✖ ✖ ✖ ✖ ✖ ✿ ✖ ✖ e ✖ ∩ ✖ + ✖ ✖ ◒ ✖ ✿ ✖ 4 ✖ ✖ ↓ ◒ ◒ ◒ ◒ L ◒ ◒ ◒ ◒
◆ ♣ ✳ ✖ ✳ ✳ + ✳ ✳ ) = ✳ ✳ ✳ ✳ ✳ ✳ ✳ e ✳ ✳ ✳ ✳ ✳ ✳ ✳ ✳ ✳ ⊘ ✳ ✳ ↓ $ = = 6 = ♥ = ■ ↓ ⊘ = = = = = = = = = ↘ ✖ = = = + ♣ ɷ ♥ ✖ L ✖ ↘ L ✖ ✖ L ∩ ✖ 4 ✖ ✖ ✖ ✖ ✖ ↓ ✖ + ✖ ✳ ✖ ✖ ✖ ✖ ✖ 1 4 ♥ ■ ✖ e ◒ ✿ ◒ $ ◒ ◒ ◒ H + ◒ ◒ ◒
✖ ✳ 2 ✳ ✳ ✳ ✳ ✳ ♣ ✳ ✳ ✳ ✳ ✳ ♣ ✳ ✳ 2 1 ✖ ✳ = ✳ ✳ ✳ ✳ ɷ ✳ = = = = = = = = ♥ ✳ $ = = = ✖ = = = = = = = = = = = = ◒ ✿ = ✖ ● 2 ✖ ✖ 2 ✖ ) ✿ ✖ ✖ 4 ♣ ✖ ) m ✖ + ✖ L ✖ ✖ ✖ ✖ ✖ ✖ ✖ ♥ ✖ 2 ⊘ ◒ ◒ ◒ ◒ ⊘ ◒ ◒ ◒ ◒ ) 6 ◒ ◒ ◒ ⚘
1 ✳ ✳ ✳ ✳ ● $ ✳ ✳ ✳ ✳ ✳ ♣ ✳ = ✳ ✳ m ■ ✳ ✳ ✳ ✳ ∩ L = = ↘ = ✖ = ■ = ✿ = ■ = = = 1 = = ↘ = ⊘ ⊘ = ✿ = = = e + = L ✖ ✖ ⊘ ɷ = m ✖ ✖ ✖ ✖ ✖ ✖ e + ✖ 1 ✖ $ ✖ ✖ 1 ✖ ✖ 4 ✖ ✖ H ↘ ✖ ● + ◒ ◒ ◒ ◒ ◒ ◒ ✿ ↘ ◒ 6 ◒ 6 ◒ ◒ ◒ ◒ ◒ ✿
✳ ✳ ✳ ✳ ✳ ✳ ✳ ✳ L ✳ ■ ✳ $ ✳ ✳ ✳ ɷ = ■ H ✳ ✖ ∩ = ⊘ ↓ ⊘ = ✿ = = = = ⚘ = = = = = = $ = = = m ◆ = = = = m e = ✖ ✖ ✖ ✖ ✖ ✳ 1 ✖ ⚘ ✖ ɷ ✖ ✖ ♥ ✖ ✖ ✖ L ✖ m L H 1 ✖ ✖ ✖ ✖ ✖ ✖ ) ◒ ■ ◒ + ◒ ◆ ◒ ◒ ◒ ⚘ ◒ ◒ ◒ ◒ ◒ ● ♥ ◒ ◒ ◒ ◒
✳ ✳ ↓ L ✳ ✳ ✳ ✳ ✳ ✳ ✳ ◒ 6 ✳ ✳ ♣ ✳ ✳ ♥ = = ↓ = L = = ↓ = = = = ɷ + = 4 $ = = = ♣ = = = = = = = = = ɷ ✖ ✖ ✖ $ ✖ ✖ ♥ ✖ ✿ ) ⚘ ✖ 6 ↘ ✖ ✖ ✖ ✖ ✖ ♥ ✖ ɷ ✳ ✖ ✖ ✖ ✖ ✖ ◒ ◒ ⚘ ◒ ◒ 6 ◒ ✖ 4 m ◒ ⚘ ◒ e ◒ ) ♣ ◒ ◒ = ◒ ◒ 6 ◒ ◒ ◒
ɷ ✳ ◒ ✳ ● ✳ ✳ 6 ✳ ✳ ✳ e ✳ ✳ ✳ = ■ ⊘ = $ ■ = = = = = = = $ + ⊘ = = = L ↘ + 2 = = ♥ 6 = = = ♥ ✳ ✖ ✖ ✖ ✖ ✖ ✳ + ✖ ✖ ✖ ✖ + ■ ◒ ✖ ✖ ✖ ✳ ✖ ✳ ♣ ✖ ✖ ✖ ✖ ✖ ✖ ✖ ◒ 1 = ◒ ◒ ◒ ◆ ◒ ◒ ◒ ◒ ◒ ◒ ◒ 1 ◒ ⚘ ◒ ◒ 2 ◒ ◒ ◒ ⚘ ◒ m ◒ ◒ ↓
✳ ✳ + ✳ ✳ ✖ 2 $ ↘ ◒ ɷ ✳ ✿ = ɷ = = $ = = = ✖ = ■ = = = L m ♥ = ⊘ = ⚘ = $ 6 ♣ = = = ■ ✖ ⚘ ✖ ✖ ✖ ✖ ✖ $ ✖ ✖ ✖ ✖ $ ✖ ∩ ɷ 6 ✖ ✖ ⊘ ✖ ✳ ✖ ✖ ✖ ✖ ✖ ✖ ✖ ✖ ◒ ◒ ◒ ◒ ◒ ● ◒ ◒ ◒ ◒ ◒ ✖ ◒ ◒ ◒ + ◒ ◒ ◒ ◒ 1 ◒ ◒ ◒ ◒ ■ ◒ ◒ ◒ = ɷ 4
✳ ✳ ✳ 4 L ) ✳ ✳ + ɷ = = ↘ = $ = ↘ = ∩ = = ∩ = 2 ⊘ = e = = = = 4 = = ɷ = = ✳ ◆ + ✖ ✖ ✖ m ✖ ✖ e $ ✖ 1 ♥ ✖ ✖ 2 ✖ = ✖ + ✖ ⊘ 4 ✖ ✖ ✖ ✖ ✖ ✖ ↓ ◒ ◆ ◒ 6 ◒ 1 ∩ ■ m ◒ ◒ ◒ ◒ ◒ ◒ 6 ⚘ ● ⊘ ◒ ◒ ◒ 2 ↘ ◒ ◒ ◒ ◒ ◒ ◒ 6 ɷ ɷ ɷ ♥ ●
e ✳ ) ✳ ✳ = ⊘ = = ✿ = 1 ) ↘ ✳ = ♥ = = + = = = = ■ ) ) = = ■ = = = = = ✖ ✖ ✖ ✖ ⚘ ✖ ✖ ◆ ✖ ✖ ✖ ✖ ⊘ ✖ = 1 ✖ ✖ ✖ ✖ ● ✖ 1 ✖ ✖ ✖ 1 ✖ L ✖ ◒ ◒ ◒ ◒ ● H ◒ ◒ ◒ ◒ ◒ ⊘ ◒ ◒ ) ◒ ◒ ◒ ◒ ◒ ◒ ◒ ◒ ◒ ◒ ∩ ✖ ◒ ◒ ◒ ɷ = ♥ ɷ ● $ ⊘ ↘ ♥
✳ ✳ = = = ⊘ = = 1 ) H = = L 6 4 = = ■ ⚘ = = 6 = 6 ∩ ∩ = ↘ = = 4 ♥ ✖ 4 ↓ ✖ ✖ ✖ ✖ ✖ ✖ ✖ = ↘ ✖ ✖ ✖ ɷ ✖ ✖ ✖ ✖ ✖ ♣ = ✖ ✖ 2 $ ✖ ✖ + ◆ ◒ ◒ L ◒ ◒ ◒ ◒ ◒ ◒ ◒ ● ◒ ◒ ◒ ◒ ◒ ◒ ◒ ✖ ◒ ◒ ✿ ◒ + ◒ ◒ ◒ ◒ ɷ ɷ ɷ ɷ ɷ m ɷ ɷ ◒ ɷ ɷ ɷ
4 L = ⚘ = = 2 = e = ɷ $ ) = m = ✿ = ⚘ = = = = = = ✿ = = ✖ ✖ ■ ✖ ✖ 2 m ✖ 2 ↓ ✖ ✖ ✖ $ ↘ ✖ ♣ ✖ ✖ $ ✖ ✿ ♣ H ✖ ✖ ✖ ✖ ◒ ✖ ◒ ◒ ⊘ ◒ ) $ ◒ ɷ m ◒ ⚘ ↓ ◒ ◒ ◒ = ◒ ◒ ◒ ● ◒ ) ◒ ◒ ◒ ◒ ◒ ) ◒ ◒ ɷ ɷ ◆ ɷ 2 ɷ ɷ ◆ ɷ ɷ ɷ ◒ ɷ ɷ m H
= ↘ = = = ɷ H = = 4 = ɷ ) ✿ = = = ● = = = = ɷ ● = ■ ✖ ◆ ✖ ◆ ✖ ✳ ∩ ↘ 4 ✖ ↘ ✖ ■ ✖ ✖ ✖ ✖ ✖ ✖ ✖ ✖ ) ↓ 6 ✖ ✖ ✖ ∩ ✖ ◒ ◒ ɷ ◒ ✿ ◒ ◒ ⚘ ◒ ◒ ◒ ◒ ↓ ◒ ◒ = ◒ ◒ ◒ ◒ ◒ ◒ $ ↓ e ↘ ◒ = ✳ ɷ H ⊘ ɷ ɷ ɷ ɷ ɷ ɷ ɷ ✳ ɷ $ ɷ ɷ ɷ ✖ ɷ ɷ $
) = = = ↘ ⊘ = = ⊘ e L = = ↓ = = = L = ✿ = = ✖ ● ✖ ↘ ✖ ✖ ⊘ ✖ ↓ ↘ ✖ ✖ ✖ ✖ ✖ ✖ ✖ ✖ ⚘ ✖ ✖ ✖ ↘ ◒ ♥ ● ✖ L ✖ ✖ ◒ ◒ ◒ ◒ ■ ◒ ⊘ 4 ∩ H ◒ ◒ ◒ ◒ ⊘ ) = ◒ ◒ ◒ ◒ 2 ✖ ◒ ◒ ◒ ◒ ◒ ■ ◒ ) ✳ ɷ ɷ 1 2 ɷ ɷ ɷ ɷ ɷ ɷ = 2 ɷ ɷ 6 ɷ ɷ ɷ ● ɷ
= = = = ◒ = = = = = ✖ = = 4 ■ ♣ = = ✖ ✖ ✖ ✖ ✖ ∩ ✖ ✖ m = ✖ ✖ ✖ ✖ ✖ ✖ ⊘ ✳ ✖ ✖ e ✖ ✖ ✖ $ ✖ ✖ L ✖ ✖ ◒ $ ◒ ◒ ◒ ◒ ◒ ◒ + ◒ = ♣ ⚘ ◒ ◒ ■ ◒ 4 ◒ 4 ◒ ∩ ◒ ◒ ◒ ◒ ◒ ◒ ◒ ◒ ɷ ♣ 6 1 ɷ ɷ 4 ɷ ♣ ɷ ɷ L ɷ ɷ ɷ ɷ ✖ m = ɷ 6 ♥ ◒ $ ɷ =
= H ) ⊘ = ↓ = ⊘ ⊘ = = = ✿ = $ ✖ ✖ ✖ ✖ ✖ ɷ ✖ ◒ ✖ ɷ ✖ L H ✖ ✖ ✖ ✖ ✖ ✖ ✖ ✖ ✖ 2 ✖ ✖ ✖ ↘ ✖ 6 ✖ ◒ ↓ ◒ ◒ ◒ ◒ ◒ ◒ ◒ ♣ ◒ ) ◒ ◒ ↘ ◒ ◒ ◒ ↘ ◒ ◒ = ✳ ◒ L ◒ ◒ ◒ ◒ 6 ɷ ɷ ɷ ✖ ✳ 4 ✖ ɷ ✿ ɷ ɷ ✳ ɷ ɷ ɷ ɷ ɷ ɷ ✖ ɷ ⚘ ɷ ✳ 6 $ = ɷ ɷ 4
■ = = ↓ = = = H H = = = ✖ ✖ ∩ ✖ 6 ⊘ ✿ ∩ ✖ ✖ ✖ ↘ ✖ ✖ ✖ ✖ ✳ ✖ ✖ ✖ ✖ ↘ ✖ = ✖ ✖ ✖ ◆ ✖ ✖ ◒ ◒ ↘ ◒ L ↓ ◒ ◒ ✳ L ◒ ◆ ◒ e ◒ H ◒ ◒ ■ ◒ ◒ ◒ ◒ ◒ ◒ = ♣ ◒ ɷ ◒ ɷ ɷ ɷ ✳ ɷ ♥ ⚘ ɷ ɷ ⚘ $ ♥ ∩ ɷ ■ ɷ ɷ ɷ ✳ ɷ ɷ ♥ $ H ɷ ɷ ɷ ɷ ɷ ɷ ↓ 6
= = = ↓ 4 ∩ = ♣ ✖ ✖ L 1 ɷ ✖ 1 ♣ ✖ ✖ ✖ ✖ ↘ ✖ ✖ ⚘ ✖ ✖ ✖ ✖ m + ■ ✖ H ✖ ✖ ✖ ) $ ✳ ✳ ◒ ⚘ ◒ ◒ ◒ ◒ = ◒ ◒ ✖ ◒ ◒ ◒ ◒ + ◒ ◒ ◒ ✖ ◒ ◒ ◒ + ● ↘ ↓ ◒ ◆ ɷ ɷ ɷ ɷ ɷ 1 ɷ 2 = ɷ ɷ ɷ 6 ♥ ɷ m ɷ 6 ɷ ɷ ɷ ɷ ɷ ɷ ɷ ɷ ɷ e ɷ ɷ 6 6 ∩ 6 ⊘ e
2 = = = = ✖ 1 6 ✖ ✖ ✖ ∩ ✖ ✖ ◆ ⊘ ✖ ◒ 2 ✖ ✖ ✖ ✖ 4 ✖ ∩ ◆ ✖ ✖ 4 ✖ ✖ ✖ ✖ ✖ e ◒ m ◒ ↘ ◒ ◒ ◒ L ◒ ↘ ◒ ♥ ◒ ◒ ◆ ◒ m ◒ + $ ◒ ◒ ◒ ◒ ◒ ◒ 2 ◒ ↘ ɷ ɷ ɷ e ɷ ɷ ■ ɷ ɷ ■ ɷ ɷ ɷ 1 ↓ ■ ɷ ɷ ɷ ɷ ✳ ɷ ♥ ɷ 6 ✿ ɷ ɷ ) ⊘ ◒ 6 6 6 6 ɷ 6 6 ⚘
= = ✖ 6 ✖ ✖ ✖ ✖ ◆ ✖ ✖ ✖ ⚘ + ✖ ✖ ✖ ✖ ∩ ♣ ✖ ✖ H ✖ $ ✖ ✖ ✖ 1 ⚘ ✖ ∩ + 4 ■ ◒ ◒ ◒ ◒ H ◒ ◒ ◒ ♥ ◒ ◒ ◒ ◒ ⊘ ∩ ◒ ◒ ⊘ ◒ ◒ ■ ◒ ◒ ◒ ◒ ■ 6 ɷ ♣ ✖ = ɷ ɷ ɷ ɷ m ɷ H ɷ ɷ ɷ ♣ ɷ ● ɷ ɷ ✖ ɷ ɷ ɷ + ɷ ɷ ɷ ɷ ɷ ɷ 6 6 6 6 6 ✿ 6 6 6 6 ɷ $
✿ ✖ ✖ ✖ ✖ ✖ ✖ ✖ ✖ ✖ ✖ ✖ + ✖ ✖ ✖ ◆ ✖ ✖ ) L ✖ ✖ ✖ ✖ + ɷ ● ◒ 4 ◒ 2 ◒ ♥ ◒ ♥ ◒ ◒ = ◒ L 6 ◒ $ ◒ ◒ ◒ ◒ ◒ ∩ ♥ ◒ L ◒ ◒ ⚘ 6 ◒ ⚘ ɷ ɷ ♣ ✳ ) ɷ ✖ ɷ ɷ ■ ✳ ● ✖ ɷ ɷ ɷ ɷ ɷ ✖ ɷ ♥ ɷ ɷ ɷ = ɷ ɷ = ɷ 6 ♥ ♣ L ♥ 6 6 4 ◒ 6 6 ♥ 6 6 ■ 6
✖ ✖ = H ✖ ✖ ■ ■ ■ ✖ ✖ ↘ ✖ ✖ ✖ ✖ e 6 H 2 H ) ∩ ✖ ⊘ ◒ + ◒ ⚘ ◒ e ◒ ◒ ◒ ◒ ɷ ◒ ∩ ◒ ♥ ◒ ⚘ ◒ ◒ 4 ◒ ◒ ⊘ ∩ ◒ ◒ m ◒ ◒ 1 ɷ ɷ ɷ ɷ ɷ = ɷ ⚘ ɷ 2 ɷ m ● ɷ ɷ ● ɷ ɷ ɷ ɷ m ⊘ ɷ ɷ ɷ ɷ ɷ ɷ L = ■ ■ 6 ■ m 6 6 ∩ 6 6 6 6 6 ⚘ 6 ↘ 6 L 6
= ✖ ) ɷ ✖ + 1 ✖ ✖ ✖ ◒ ✖ ✖ ✖ ✖ ✖ ✖ ✖ ✖ ✖ ✖ ✖ ♥ ◒ ◒ ◒ 1 ◒ m ∩ ◒ ◒ ◒ ɷ 6 ⊘ ◒ ◒ H ✳ ◒ ♣ ɷ ◒ ◒ ◒ ◒ ◒ ■ ⚘ ◒ ⊘ ɷ ɷ ɷ + ɷ = ɷ 1 ɷ ɷ ɷ ✖ ♥ ɷ ɷ L H ɷ ■ ɷ ɷ ɷ 1 ɷ ɷ ɷ ɷ ɷ ɷ ◆ 6 6 ◒ 2 6 6 6 + ⊘ 6 6 ⊘ 6 ɷ 6 ♣ 4 ◒ 6 6 ⚘ 6
✖ m ◒ ✖ ✖ ✖ ✖ ♣ m ✖ m + ✖ ✳ ✖ ɷ ✖ ✖ ◒ = ● ✿ ◒ ∩ ◒ ) ◒ ◒ ◒ ● ⚘ 6 ♥ ◒ 4 ↘ ◒ ◒ ✳ ◒ ◒ e ɷ ◒ ♣ ◒ ◒ ● ɷ ɷ ⚘ ɷ ✿ ◆ ɷ ⚘ ɷ L ɷ ɷ ■ ɷ 6 ɷ ■ ɷ ɷ ɷ ɷ ɷ ɷ ɷ ɷ ɷ ✳ ɷ ↓ ɷ ↘ = ✿ 6 6 6 6 6 ◒ 1 4 6 6 ɷ 6 6 6 6 ◆ 6 4 6 6 H ♣ 6
↓ ■ ✖ ✖ ⊘ ✖ ✖ ✖ ✖ ✖ ✖ H ✖ ◆ ✖ H ◒ ■ ✖ ◒ $ ◒ ◒ ◒ ◒ ◒ ◒ ↘ ◒ ◒ ◒ ↘ ◒ ◒ ◒ ) ↓ ◒ ↘ ◒ m ◒ ◒ ♣ ◒ ɷ ɷ ɷ ⊘ ɷ ɷ ɷ ɷ ɷ ɷ ɷ ɷ ɷ ɷ ✖ ɷ ɷ ɷ ) ɷ 1 ɷ ◒ $ ɷ ɷ + ɷ ɷ ɷ 6 4 6 ∩ 6 6 6 6 6 ∩ ↘ 6 ✳ 6 6 ◆ 6 6 6 6 $ ♥ ◆ 6 6 6 6 6 ◒
✖ ✖ ✖ ■ ✿ ♣ ✖ ✖ ✖ ✖ 1 6 ◒ ◒ ◒ ◒ ◒ ● ɷ e ◒ 1 ✿ ◒ ♣ ɷ ◒ L ◒ ◒ ◒ ◒ L H ◒ ◒ + ◒ ◒ ◒ ◒ ◒ = ɷ ɷ ɷ L ɷ ɷ ɷ ɷ ɷ ɷ ɷ ɷ ɷ 4 ɷ ɷ ɷ ɷ ɷ ɷ ɷ ɷ ɷ 6 ■ ɷ 4 ɷ ◆ 6 6 6 ♣ ✖ 6 6 ⊘ 6 6 6 6 6 6 6 6 6 ↓ ✳ 6 6 ⊘ 6 6 6 6 6 6 ✳ = ✿ ✿
✖ ✖ ✖ ) e ◆ ✖ ✖ ↓ ◒ ◒ ◒ ◒ ◒ ◒ ♥ ⚘ ◒ ◒ $ 6 ◒ ◒ ♥ ↓ ■ ◒ ⊘ ✳ ◒ ◒ ◒ ◒ ◒ ◒ ◒ ◒ ◒ ɷ ◆ ɷ ɷ ɷ ◆ ⚘ ◆ ɷ ɷ m L m ɷ ♣ ✿ ɷ ɷ = 2 H ✖ = ɷ ɷ ɷ ɷ ɷ ɷ ɷ 6 6 4 6 6 6 6 2 4 6 6 6 ⚘ 6 6 L 2 ✳ 6 ♥ ◒ ✿ $ 6 6 = 6 ɷ 6 6 ✿ ✿ ∩ m ✿ +
✿ ✖ ✖ e ♥ ✳ ◒ ◒ ◒ ◒ ◒ ✖ ◒ ✳ ◒ ◒ ◒ ∩ 2 ◒ ◒ ◒ ◒ ◒ ◒ ✖ $ ◒ ◒ ◒ ◒ ◒ ◒ $ ◒ e ) ɷ = e ɷ ɷ ɷ ɷ ɷ ɷ ɷ ɷ ɷ ɷ ɷ + ɷ ♥ ɷ ɷ ɷ ɷ ɷ ɷ ɷ ɷ 4 + ↘ 6 ✖ ♥ 6 6 6 ✿ 6 6 6 6 6 6 2 6 6 ♥ 6 = 6 + 6 ✖ 6 6 6 6 6 ♣ 6 ✿ m ✿ ✿ ✿ ✿ ✿ ✿ ✿
∩ + ◒ ◒ ◒ 4 ♥ ✿ ◒ ◒ ✖ ◒ ◒ $ ɷ 2 ◒ ✖ ✿ = 6 ◒ ◒ ◒ ɷ ◒ ◒ 4 ◒ ◒ ∩ ◒ ɷ ɷ ɷ m ɷ = $ $ ɷ 4 ɷ ɷ ɷ ɷ ɷ ɷ ɷ ɷ ɷ ɷ 4 ɷ ɷ ɷ ɷ ɷ ɷ ↘ 2 ɷ 6 6 ∩ 6 1 6 6 6 6 ♥ + 6 ↓ 6 6 6 6 ↓ 6 6 6 6 6 6 6 6 6 6 ✖ 6 H ✿ ✳ ⚘ ✿ ✿ ✿ ✿ ♣ ✿ ✿ ✿
◒ ɷ + ◒ ◒ ∩ ✿ ⚘ ✳ ◒ ✿ ◒ ↘ ◒ ◒ ◒ ◒ ◒ ↘ ◒ ◒ ◆ ) ◒ ◒ $ ◒ ◒ ɷ ɷ ɷ 2 ɷ ɷ ɷ ɷ ɷ ✳ ɷ ɷ ɷ ɷ ɷ ɷ ♥ ɷ ɷ ɷ ɷ ɷ ɷ ɷ ɷ ɷ ɷ ɷ ɷ ɷ 6 6 6 6 ✿ ♣ 6 6 6 H ● 1 ɷ 6 6 ♣ 6 6 6 L = $ ● 6 ✖ 6 ∩ 6 6 6 ✿ ✿ ✳ ✳ ✿ ◆ ✿ + ɷ ✿ 4 ♣ + H m 2
◒ L ↓ ◒ ◒ ◒ ■ ⊘ ◒ ◒ ◒ ✿ ◒ ↘ ↓ ◒ ✿ ◒ 4 ♥ ◒ ◒ ◒ + ◒ ɷ ɷ ɷ 1 ⊘ ɷ 4 6 ♣ ⊘ ● ɷ ɷ ) ɷ ) 6 4 4 1 ✿ ɷ ɷ = ✖ ɷ ɷ ɷ ɷ ↘ ) 6 ɷ ● 6 6 m 6 6 6 6 ◒ 6 ) 6 ♥ 6 6 6 ) 6 6 ↓ 6 6 6 6 1 6 ■ ✖ ✿ ✿ ✿ ✿ ✿ ✿ ♣ 4 1 ✿ ✿ m ✿ ✳ ✿ ✿ ✿ 6
◒ ◒ ◒ ◒ ◒ ◒ ∩ 1 = ♥ ◒ ◒ ◒ 2 ɷ ◒ ) ◒ ◒ 6 ◒ ◒ ɷ 4 H ɷ ∩ ɷ ✖ ɷ ɷ ɷ L ɷ ɷ ɷ ɷ ɷ ɷ ♥ ɷ ɷ H ↓ ∩ 6 ɷ ● ɷ ɷ ɷ ɷ 6 6 6 6 ◒ ) 6 L ■ 6 6 6 ✳ 6 2 ∩ ) ∩ 6 + ) 6 6 6 6 6 4 6 6 ⚘ ✿ ✖ ✿ ■ ✿ ✿ ■ ✿ ✿ ∩ ✿ ✿ ✿ ) ✿ ✿ ✿ ✿ 6 ✿ H ∩
◒ ◒ ◒ ◒ ◒ 6 ✿ m ◒ ◒ ◒ ✳ ◒ ✳ ◒ ◒ ◒ ◒ ɷ ∩ ɷ ɷ ∩ ● ɷ ɷ ɷ ✖ ɷ ↓ e ɷ ɷ $ ♣ ɷ ɷ ɷ ɷ ɷ ɷ ɷ ɷ 2 ɷ ∩ ♥ ɷ 6 ✳ 6 ◆ 6 6 L 6 6 6 1 6 6 = 6 ✳ 6 6 6 ◒ 6 6 6 1 6 6 6 6 6 6 ✿ ✿ ✿ ✿ 6 ↓ ● ■ ✿ ✿ ✿ ✿ 4 ✿ ↘ ♥ ✿ ✿ ✿ ✿ m 6 ✿ 2 ✿ ✿
◒ ◒ ■ ◒ ◒ m $ ◒ ◒ = ◒ ● ◒ ⚘ 4 ɷ ♥ ⚘ ɷ ɷ ɷ ɷ ɷ ɷ $ ɷ ɷ ɷ 4 ɷ ɷ ɷ ♥ ɷ ■ ɷ ◆ ✖ ɷ ɷ m ɷ ɷ ɷ ✳ ◒ 6 6 6 6 6 6 ◒ 6 6 ✳ ♣ ✖ ⚘ 2 6 6 6 ↘ 6 6 6 6 6 ♣ = 6 6 6 6 ✿ ) ɷ ✿ ✿ $ ↘ ✿ ✿ ✿ ✿ ✿ ✿ ) ✿ L ✿ ✿ ✿ ✖ ✖ ✿ ✿ 4 ♥ ✿ ✿ ✿ 2
✖ ◒ ◒ 6 ◒ ⊘ ◒ ◒ 4 ◒ ◒ ◒ ɷ ◆ ɷ m ɷ ɷ ♥ ɷ ɷ ɷ ✿ $ ∩ ɷ ɷ ɷ ɷ ● = ɷ 4 ɷ L ⚘ ɷ ♣ ↘ ɷ ɷ ɷ ) 6 6 6 ✿ ● 6 6 ♥ 6 6 6 6 e 6 + 2 m 6 6 4 6 ◒ 6 6 6 6 6 6 6 + ✿ ✿ ✿ ✿ ✿ ■ ✿ ✿ ✿ ✿ ⊘ ✿ ✿ ✿ ✿ ✖ ✿ ✿ ✿ ✿ ↓ ♥ ✿ ✿ ⚘ ✿ ✿ ✿ ɷ 2 ↓
◒ ● ◒ ⚘ ◒ ◒ ◒ ◒ ɷ ✖ 2 ɷ ɷ ɷ 6 ɷ ɷ ɷ 4 ɷ + ɷ ⊘ ɷ ɷ ◆ 4 ɷ ɷ ɷ ɷ ɷ ɷ ɷ ↓ ɷ ɷ ɷ 6 6 6 ◒ ⊘ ✖ ∩ 6 6 ● 6 ✖ ♥ 6 ) ✳ = 6 ● ɷ 6 ✖ 6 4 ↓ 6 6 = 6 6 ✿ ✿ $ ◆ m ✿ ) + ✿ ) ◒ ✿ ✿ e ✿ ✿ ✿ L ■ ✿ = ✿ 4 ⊘ ∩ ✿ ✳ ✿ ✿ ♣ 2 2 2 ✳ ■ =
◒ $ ◒ ◒ ◒ 4 ɷ ɷ ♣ ɷ ) $ 1 ◒ ɷ ɷ ɷ ɷ ⚘ ɷ ɷ 6 ɷ ⚘ ɷ ɷ ɷ ɷ ɷ ) ɷ ɷ ɷ ɷ ɷ 6 ◆ 1 6 6 6 6 = 6 6 6 6 ♥ ɷ ) 6 4 6 6 6 ∩ ) 6 ✳ ) 6 ∩ 6 6 2 ✿ ■ e ✿ ✿ ✿ ✿ ↓ ● ✿ $ ✿ ✿ ✿ ● ✿ ✿ ✖ ✿ + 6 ✿ ✿ ✿ ) ✿ ✿ ✿ ✿ ✿ 1 2 4 1 = 2 ♥ 2 2
4 ◒ ɷ ) $ e ɷ ∩ m L ɷ ɷ ⚘ ɷ ɷ ɷ ɷ m ɷ m + + ↓ ɷ ɷ ɷ $ ɷ 4 ɷ ɷ ɷ ɷ 6 6 6 6 6 ɷ 1 6 6 6 6 6 6 6 6 6 6 ↘ ɷ 6 6 ◆ ♥ 6 6 6 6 ⊘ 6 ✿ ∩ ✿ ♣ ✿ ✿ ✿ ■ ✿ ✿ ✿ ✿ ✿ ✿ ✿ 6 ✿ 1 ♥ ◒ ✖ ✿ ✳ ✿ ✿ ✿ ✿ ● ✿ ↓ 2 2 2 2 ↓ ∩ 2 L 2 4 ◆ 2
ɷ ɷ ɷ ɷ ♥ $ ɷ ɷ ⚘ ɷ ◆ ɷ ɷ ɷ ◒ ɷ ɷ ɷ ɷ ɷ ✖ ɷ ɷ ɷ ɷ 2 ɷ ● ● 6 ◆ 6 6 6 6 6 ♥ 1 6 ↘ 6 6 ♥ 6 ♣ ↘ e 6 + H 6 6 ◒ 6 ✖ $ ♥ H ✿ ✿ ◒ L ✿ ✿ ✿ ✿ ✿ ✿ ɷ ✿ ✿ ✿ ■ ✿ ✿ ✿ ✿ ✿ ◒ ✿ ✿ ✿ ✿ ● ✿ ⊘ ✿ ◆ 2 ■ ∩ ◒ ✿ 2 2 ● e 2 2 ✿ 2 2 2 2
e 4 ɷ ɷ ɷ ɷ ɷ ɷ H ♣ ɷ ɷ ɷ ■ ɷ ɷ ɷ L ɷ ɷ ♥ ⚘ 4 = ɷ ♣ 6 6 + 1 6 2 1 6 6 = 6 e ✿ ● $ H ♣ ɷ 6 + 6 6 $ 6 6 6 ♥ H 6 ✿ ✿ ✿ ✿ H ✿ ✿ ✿ ✿ ✿ = ✿ ✿ ✿ ✿ ✿ H = 1 ✿ ɷ ◒ ✿ ✿ e 4 ✿ ✿ ✿ ✿ 2 ◒ ) 2 2 6 2 2 ♥ ♥ 2 2 2 2 4 H ◆ ⚘ 4
ɷ ɷ ɷ ɷ ɷ H = ɷ ∩ ɷ ◆ ɷ + ■ ɷ 1 ɷ $ m H ɷ ✿ 6 6 6 6 6 6 6 6 6 6 6 6 1 ✿ ✳ ■ 4 6 ✖ 6 6 6 ⊘ ● 4 ↓ + e ◆ 6 ✿ 4 $ ɷ ✿ ✿ ✿ ✿ ◆ 6 ✿ ✿ ✿ ✿ ✿ ✿ ✳ H ✿ ✿ ✿ ✿ ) ◆ ✿ ✿ ✿ ✿ ✿ ✿ ɷ ◆ ✿ m ♥ ⊘ ♥ 2 2 = ✿ ♥ 2 2 2 6 2 2 ↓ ⚘ ↘ 2
6 ɷ ɷ ɷ ɷ + ɷ ɷ ɷ ∩ ɷ ɷ ↘ ɷ ɷ ɷ ɷ ■ 6 6 6 = 2 6 ♥ 6 $ 6 6 6 6 6 6 2 6 6 6 6 6 6 ■ 6 ↘ $ 6 6 ⚘ 6 L ↓ ● ✿ ✿ ✿ ✿ ✿ ✿ ✿ ✿ ✿ ✿ ✿ ✿ ✿ ↓ ✿ ) ✿ 1 ● ✿ ◒ ✿ ✿ ✿ ✿ ✿ ✿ 2 2 2 2 4 2 2 2 2 ✳ 2 2 2 2 2 ɷ 2 2 2 $ 4 2 H 2 ⚘ 2
● ɷ ɷ ♣ ɷ ♥ ɷ ɷ ɷ ɷ ɷ 2 ɷ ✿ ⊘ 6 6 6 6 e 6 6 6 6 6 6 6 6 6 $ 6 6 6 1 6 ♣ 6 L 6 2 6 6 6 6 6 ✿ ↘ L ✿ ✿ 1 e ✿ 1 ✿ ✿ ✿ ✿ ◒ ✿ ∩ = 2 ✿ ✿ ✿ ✿ ✿ 6 ◒ ✿ H ✿ ✿ ✿ 2 2 2 2 ◒ = ɷ 2 2 2 2 $ 2 2 ɷ m 2 2 ɷ 2 2 ↓ 2 ♥ 2 ∩ 2 2 2
e e ɷ ɷ ɷ ɷ ) ɷ ɷ ɷ ɷ 4 ♣ + 6 6 6 1 ✳ ✿ ◒ 6 6 6 6 1 6 6 6 6 6 6 ■ 6 ♥ 1 ◆ ∩ H 6 6 6 ✿ ✿ ✿ ✿ ✿ ✖ = ✿ e ✿ ✿ ⚘ ✿ 2 ✿ ✿ ✿ ✿ ɷ ↘ ✿ ✿ ✿ ✿ ✿ e ✿ ✿ ✿ ✳ L ɷ $ ♥ = + 2 ⚘ 2 2 2 2 2 2 2 ✳ ♥ e 2 2 2 2 2 2 2 2 ✳ 2 ɷ 2 m ↓
ɷ ɷ ɷ ɷ ∩ ɷ ∩ ) m 6 ) ↘ 6 2 6 6 m 6 6 6 6 + 6 ↘ ✖ ) 6 e 6 6 6 $ 6 6 ɷ ◒ ⚘ 6 ✿ ✿ ✿ ✿ ɷ ◆ ✿ ✿ ◒ ✿ ✿ ✖ ✿ ✿ ✿ ✿ ✿ ✿ ✿ ✿ ✿ ■ ✿ ↓ ✿ ✿ ✿ ✳ ✿ ✿ = ) 2 ◆ 2 2 2 ● m 2 2 2 2 ♥ 2 2 6 2 2 6 2 2 2 2 2 2 2 2 ↓ 2 m 4 = ◆ m m
ɷ ɷ ɷ ⚘ ɷ ✖ ↓ 6 6 6 ⊘ 6 ● ✿ ● 6 6 6 6 L 6 + ⊘ 6 6 ↓ 6 6 6 6 6 ✖ 6 ● 6 ✿ ↘ ✳ ∩ ✿ ✿ 2 ✳ ✿ ✿ ■ 1 m ✖ e ✿ ✿ ✿ ✿ ✿ ↓ m 1 ✿ ✿ ✿ ✖ ✿ ✿ ⚘ 2 ⚘ ● 2 ↓ 2 2 2 + 2 2 2 2 ɷ 2 2 2 1 2 2 ● ■ 2 4 2 2 2 2 2 2 2 m m L m m ■ m m
▶
Original Artwork by Lucy Laux of Lucy Laux Designs, Adapted for Cross Stitch
Skill Level: Intermediate
Stitch Count: 108H x 107W
Design Size: 7¾" x 7⅝"
Materials
• 14" x 14" piece 28-count antique white Jobelan from Wichelt Imports Inc.
• One skein each DMC® six-strand embroidery floss
• Size 24 tapestry needle
DMC®
L	07	driftwood
$	22	alizarin
H	30	blueberry, med. lt.
∩	33	fuchsia
♥	34	fuchsia, dk.
e	35	fuchsia, vy. dk.
+	304	red, med.
✳	349	coral, dk.
=	353	peach
✖	550	violet, vy. dk.
◒	554	violet, lt.
ɷ	606	orange red, bt.
6	721	orange spice, med.
✿	722	orange spice, lt.
2	792	cornflower blue, dk.
m	794	cornflower blue, lt.
♣	803	baby blue, ul. vy. dk.
◆	826	blue, med.
●	917	plum, med.
↘	921	copper
⊘	930	antique blue, dk.
■	3371	black brown
1	3733	dusty rose
4	3756	baby blue, ul. vy. lt.
⚘	3834	grape, dk.
)	3841	baby blue, pl.
↓	3857	rosewood, dk.
Instructions

Cross stitch over two threads using two strands of floss.

Stitched by Vilma Spreuer ◎
18 Just CrossStitch Autumn 2025
